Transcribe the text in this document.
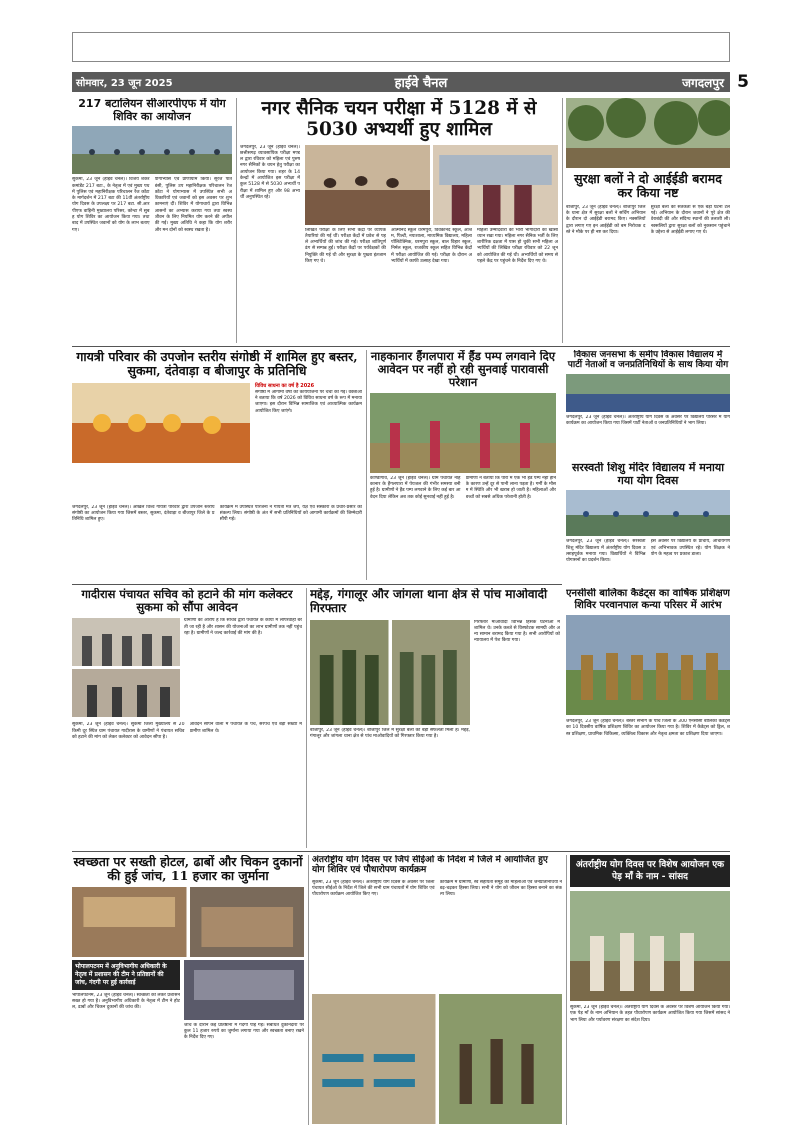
सोमवार, 23 जून 2025	हाईवे चैनल	जगदलपुर 5
217 बटालियन सीआरपीएफ में योग शिविर का आयोजन
सुकमा, 23 जून (हाईवे चैनल)। विजय शंकर कमांडेंट 217 बटा., के नेतृत्व में एवं मुख्य पथ में पुलिस एवं महानिरीक्षक परिचालन रेंज कोंटा के मार्गदर्शन में 217 बटा की 11वीं अंतर्राष्ट्रीय योग दिवस के उपलक्ष्य पर 217 बटा. सी.आरपीएफ वाहिनी मुख्यालय परिसर, कोन्टा में सुबह योग शिविर का आयोजन किया गया। तथा बाद में उपस्थित जवानों को योग के लाभ बताए गए।
योगाभ्यास एवं प्राणायाम किया। सूरज पात बंसी, पुलिस उप महानिरीक्षक परिचालन रेंज कोंटा ने योगाभ्यास में उपस्थित सभी अधिकारियों एवं जवानों को इस अवसर पर शुभकामनाएं दीं। शिविर में योगाचार्य द्वारा विभिन्न आसनों का अभ्यास कराया गया तथा स्वस्थ जीवन के लिए नियमित योग करने की अपील की गई। मुख्य अतिथि ने कहा कि योग शरीर और मन दोनों को स्वस्थ रखता है।
नगर सैनिक चयन परीक्षा में 5128 में से 5030 अभ्यर्थी हुए शामिल
जगदलपुर, 23 जून (हाईवे चैनल)। छत्तीसगढ़ व्यावसायिक परीक्षा मण्डल द्वारा रविवार को महिला एवं पुरुष नगर सैनिकों के चयन हेतु परीक्षा का आयोजन किया गया। शहर के 14 केन्द्रों में आयोजित इस परीक्षा में कुल 5128 में से 5030 अभ्यर्थी परीक्षा में शामिल हुए और 98 अभ्यर्थी अनुपस्थित रहे।
लिखित परीक्षा के लिए सभी केंद्रों पर व्यापक तैयारियां की गई थीं। परीक्षा केंद्रों में प्रवेश से पहले अभ्यर्थियों की जांच की गई। परीक्षा शांतिपूर्ण ढंग से सम्पन्न हुई। परीक्षा केंद्रों पर पर्यवेक्षकों की नियुक्ति की गई थी और सुरक्षा के पुख्ता इंतजाम किए गए थे।
आत्मानंद स्कूल धरमपुरा, विवेकानंद स्कूल, आश्रम, पिल्टी, नयाशाला, माध्यमिक विद्यालय, महिला पॉलिटेक्निक, धरमपुरा स्कूल, बाल विहार स्कूल, निर्मल स्कूल, राजकीय स्कूल सहित विभिन्न केंद्रों में परीक्षा आयोजित की गई। परीक्षा के दौरान अभ्यर्थियों में काफी उत्साह देखा गया।
महिला उम्मीदवारों की भारी भागीदारी का खासा ध्यान रखा गया। महिला नगर सैनिक भर्ती के लिए शारीरिक दक्षता में पास हो चुकी सभी महिला अभ्यर्थियों की लिखित परीक्षा रविवार को 22 जून को आयोजित की गई थी। अभ्यर्थियों को समय से पहले केंद्र पर पहुंचने के निर्देश दिए गए थे।
सुरक्षा बलों ने दो आईईडी बरामद कर किया नष्ट
बीजापुर, 23 जून (हाईवे चैनल)। बीजापुर जिले के थाना क्षेत्र में सुरक्षा बलों ने सर्चिंग अभियान के दौरान दो आईईडी बरामद किए। नक्सलियों द्वारा लगाए गए इन आईईडी को बम निरोधक दस्ते ने मौके पर ही नष्ट कर दिया।
सुरक्षा बलों की सतर्कता से एक बड़ी घटना टल गई। अभियान के दौरान जवानों ने पूरे क्षेत्र की घेराबंदी की और संदिग्ध स्थानों की तलाशी ली। नक्सलियों द्वारा सुरक्षा बलों को नुकसान पहुंचाने के उद्देश्य से आईईडी लगाए गए थे।
गायत्री परिवार की उपजोन स्तरीय संगोष्ठी में शामिल हुए बस्तर, सुकमा, दंतेवाड़ा व बीजापुर के प्रतिनिधि
विविध साधना का वर्ष है 2026
संगोष्ठी में आगामी वर्षों की कार्ययोजना पर चर्चा की गई। वक्ताओं ने बताया कि वर्ष 2026 को विविध साधना वर्ष के रूप में मनाया जाएगा। इस दौरान विभिन्न सामाजिक एवं आध्यात्मिक कार्यक्रम आयोजित किए जाएंगे।
जगदलपुर, 23 जून (हाईवे चैनल)। अखिल विश्व गायत्री परिवार द्वारा उपजोन स्तरीय संगोष्ठी का आयोजन किया गया जिसमें बस्तर, सुकमा, दंतेवाड़ा व बीजापुर जिले के प्रतिनिधि शामिल हुए।
कार्यक्रम में उपस्थित परिजनों ने गायत्री मंत्र जप, यज्ञ एवं संस्कारों के प्रचार-प्रसार का संकल्प लिया। संगोष्ठी के अंत में सभी प्रतिनिधियों को आगामी कार्यक्रमों की जिम्मेदारी सौंपी गई।
नाहकानार हैंगलपारा में हैंड पम्प लगवाने दिए आवेदन पर नहीं हो रही सुनवाई पारावासी परेशान
कोण्डागांव, 23 जून (हाईवे चैनल)। ग्राम पंचायत नाहकानार के हैंगलपारा में पेयजल की गंभीर समस्या बनी हुई है। ग्रामीणों ने हैंड पम्प लगवाने के लिए कई बार आवेदन दिया लेकिन अब तक कोई सुनवाई नहीं हुई है।
ग्रामीणों ने बताया कि पारा में एक भी हैंड पम्प नहीं होने के कारण उन्हें दूर से पानी लाना पड़ता है। गर्मी के मौसम में स्थिति और भी खराब हो जाती है। महिलाओं और बच्चों को सबसे अधिक परेशानी होती है।
विकास जनसभा के समीप विकास विद्यालय में पार्टी नेताओं व जनप्रतिनिधियों के साथ किया योग
जगदलपुर, 23 जून (हाईवे चैनल)। अंतर्राष्ट्रीय योग दिवस के अवसर पर विद्यालय परिसर में योग कार्यक्रम का आयोजन किया गया जिसमें पार्टी नेताओं व जनप्रतिनिधियों ने भाग लिया।
सरस्वती शिशु मंदिर विद्यालय में मनाया गया योग दिवस
जगदलपुर, 23 जून (हाईवे चैनल)। सरस्वती शिशु मंदिर विद्यालय में अंतर्राष्ट्रीय योग दिवस उत्साहपूर्वक मनाया गया। विद्यार्थियों ने विभिन्न योगासनों का प्रदर्शन किया।
इस अवसर पर विद्यालय के प्राचार्य, आचार्यगण एवं अभिभावक उपस्थित रहे। योग शिक्षक ने योग के महत्व पर प्रकाश डाला।
गादीरास पंचायत सचिव को हटाने की मांग कलेक्टर सुकमा को सौंपा आवेदन
ग्रामीणों का आरोप है कि सचिव द्वारा पंचायत के कार्यों में लापरवाही बरती जा रही है और शासन की योजनाओं का लाभ ग्रामीणों तक नहीं पहुंच रहा है। ग्रामीणों ने जल्द कार्रवाई की मांग की है।
सुकमा, 23 जून (हाईवे चैनल)। सुकमा जिला मुख्यालय से 20 किमी दूर स्थित ग्राम पंचायत गादीरास के ग्रामीणों ने पंचायत सचिव को हटाने की मांग को लेकर कलेक्टर को आवेदन सौंपा है।
आवेदन सौंपने वालों में पंचायत के पंच, सरपंच एवं बड़ी संख्या में ग्रामीण शामिल थे।
मद्देड़, गंगालूर और जांगला थाना क्षेत्र से पांच माओवादी गिरफ्तार
बीजापुर, 23 जून (हाईवे चैनल)। बीजापुर जिले में सुरक्षा बलों को बड़ी सफलता मिली है। मद्देड़, गंगालूर और जांगला थाना क्षेत्र से पांच माओवादियों को गिरफ्तार किया गया है।
गिरफ्तार माओवादी विभिन्न हिंसक घटनाओं में शामिल थे। उनके कब्जे से विस्फोटक सामग्री और अन्य सामान बरामद किया गया है। सभी आरोपियों को न्यायालय में पेश किया गया।
एनसीसी बालिका कैडेट्स का वार्षिक प्रशिक्षण शिविर परवानपाल कन्या परिसर में आरंभ
जगदलपुर, 23 जून (हाईवे चैनल)। बस्तर संभाग के पांच जिलों के 300 एनसीसी बालिका कैडेट्स का 10 दिवसीय वार्षिक प्रशिक्षण शिविर का आयोजन किया गया है। शिविर में कैडेट्स को ड्रिल, शस्त्र प्रशिक्षण, प्राथमिक चिकित्सा, व्यक्तित्व विकास और नेतृत्व क्षमता का प्रशिक्षण दिया जाएगा।
स्वच्छता पर सख्ती होटल, ढाबों और चिकन दुकानों की हुई जांच, 11 हजार का जुर्माना
भोपालपटनम में अनुविभागीय अधिकारी के नेतृत्व में प्रशासन की टीम ने प्रतिष्ठानों की जांच, गंदगी पर हुई कार्रवाई
भोपालपटनम, 23 जून (हाईवे चैनल)। स्वच्छता को लेकर प्रशासन सख्त हो गया है। अनुविभागीय अधिकारी के नेतृत्व में टीम ने होटल, ढाबों और चिकन दुकानों की जांच की।
जांच के दौरान कई प्रतिष्ठानों में गंदगी पाई गई। संबंधित दुकानदारों पर कुल 11 हजार रुपये का जुर्माना लगाया गया और स्वच्छता बनाए रखने के निर्देश दिए गए।
अंतर्राष्ट्रीय योग दिवस पर जिपं सीईओ के निर्देश में जिले में आयोजित हुए योग शिविर एवं पौधारोपण कार्यक्रम
सुकमा, 23 जून (हाईवे चैनल)। अंतर्राष्ट्रीय योग दिवस के अवसर पर जिला पंचायत सीईओ के निर्देश में जिले की सभी ग्राम पंचायतों में योग शिविर एवं पौधारोपण कार्यक्रम आयोजित किए गए।
कार्यक्रम में ग्रामीणों, स्व सहायता समूह की महिलाओं एवं जनप्रतिनिधियों ने बढ़-चढ़कर हिस्सा लिया। सभी ने योग को जीवन का हिस्सा बनाने का संकल्प लिया।
अंतर्राष्ट्रीय योग दिवस पर विशेष आयोजन एक पेड़ माँ के नाम - सांसद
सुकमा, 23 जून (हाईवे चैनल)। अंतर्राष्ट्रीय योग दिवस के अवसर पर विशेष आयोजन किया गया। एक पेड़ माँ के नाम अभियान के तहत पौधारोपण कार्यक्रम आयोजित किया गया जिसमें सांसद ने भाग लिया और पर्यावरण संरक्षण का संदेश दिया।
